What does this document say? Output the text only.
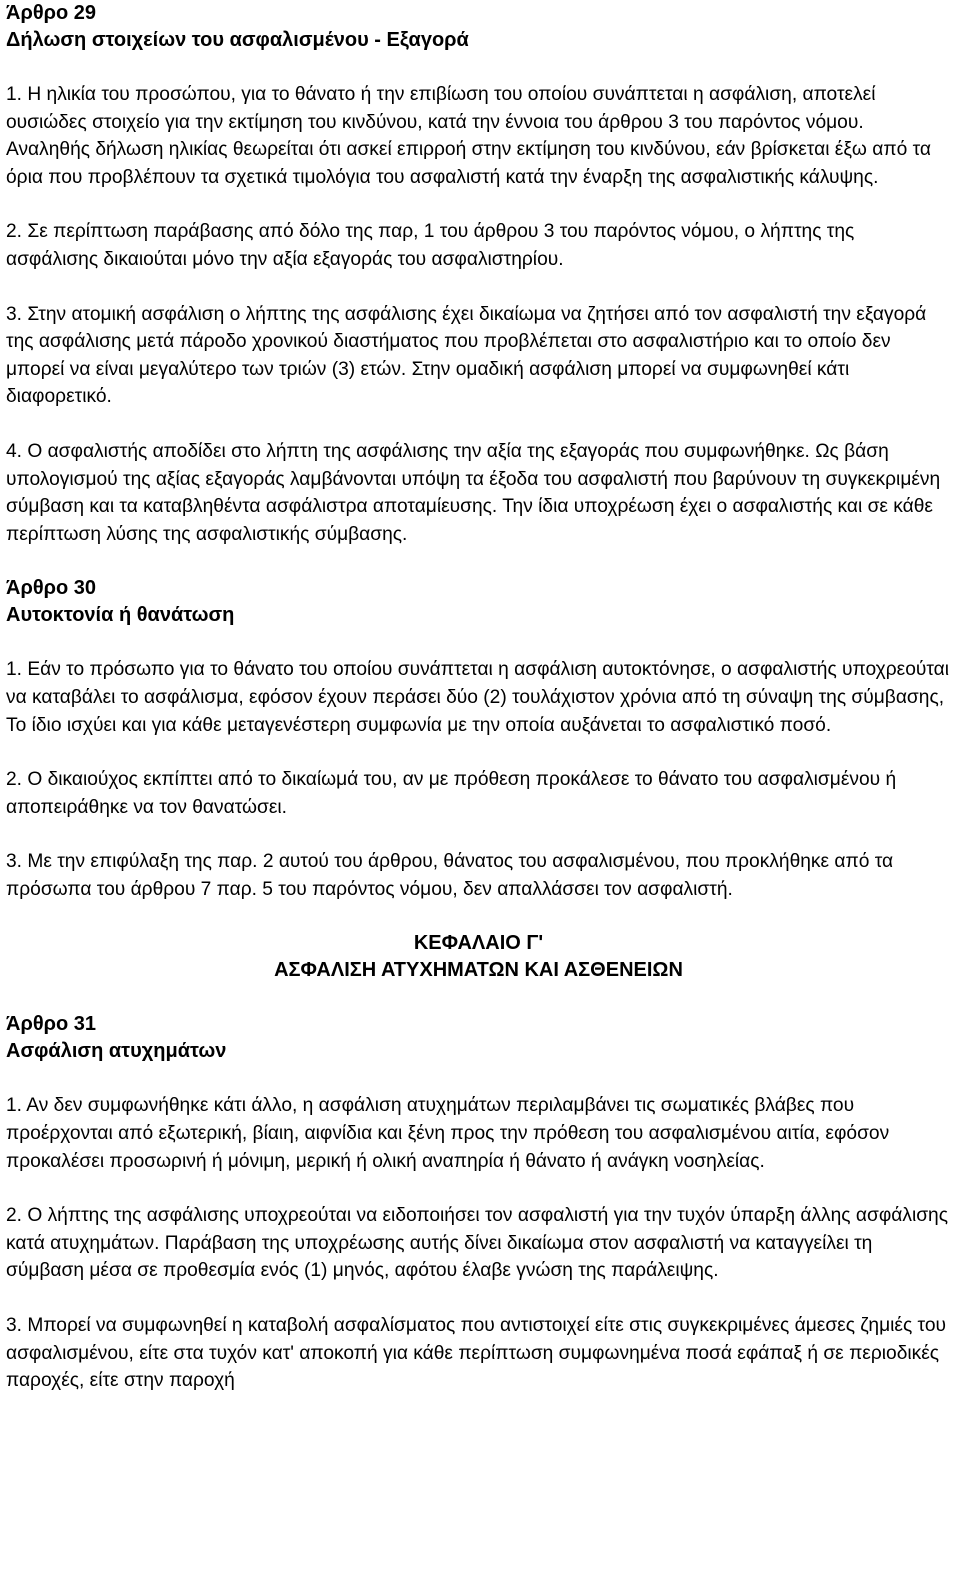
Άρθρο 29
Δήλωση στοιχείων του ασφαλισμένου - Εξαγορά

1. Η ηλικία του προσώπου, για το θάνατο ή την επιβίωση του οποίου συνάπτεται η ασφάλιση, αποτελεί ουσιώδες στοιχείο για την εκτίμηση του κινδύνου, κατά την έννοια του άρθρου 3 του παρόντος νόμου. Αναληθής δήλωση ηλικίας θεωρείται ότι ασκεί επιρροή στην εκτίμηση του κινδύνου, εάν βρίσκεται έξω από τα όρια που προβλέπουν τα σχετικά τιμολόγια του ασφαλιστή κατά την έναρξη της ασφαλιστικής κάλυψης.

2. Σε περίπτωση παράβασης από δόλο της παρ, 1 του άρθρου 3 του παρόντος νόμου, ο λήπτης της ασφάλισης δικαιούται μόνο την αξία εξαγοράς του ασφαλιστηρίου.

3. Στην ατομική ασφάλιση ο λήπτης της ασφάλισης έχει δικαίωμα να ζητήσει από τον ασφαλιστή την εξαγορά της ασφάλισης μετά πάροδο χρονικού διαστήματος που προβλέπεται στο ασφαλιστήριο και το οποίο δεν μπορεί να είναι μεγαλύτερο των τριών (3) ετών. Στην ομαδική ασφάλιση μπορεί να συμφωνηθεί κάτι διαφορετικό.

4. Ο ασφαλιστής αποδίδει στο λήπτη της ασφάλισης την αξία της εξαγοράς που συμφωνήθηκε. Ως βάση υπολογισμού της αξίας εξαγοράς λαμβάνονται υπόψη τα έξοδα του ασφαλιστή που βαρύνουν τη συγκεκριμένη σύμβαση και τα καταβληθέντα ασφάλιστρα αποταμίευσης. Την ίδια υποχρέωση έχει ο ασφαλιστής και σε κάθε περίπτωση λύσης της ασφαλιστικής σύμβασης.

Άρθρο 30
Αυτοκτονία ή θανάτωση

1. Εάν το πρόσωπο για το θάνατο του οποίου συνάπτεται η ασφάλιση αυτοκτόνησε, ο ασφαλιστής υποχρεούται να καταβάλει το ασφάλισμα, εφόσον έχουν περάσει δύο (2) τουλάχιστον χρόνια από τη σύναψη της σύμβασης, Το ίδιο ισχύει και για κάθε μεταγενέστερη συμφωνία με την οποία αυξάνεται το ασφαλιστικό ποσό.

2. Ο δικαιούχος εκπίπτει από το δικαίωμά του, αν με πρόθεση προκάλεσε το θάνατο του ασφαλισμένου ή αποπειράθηκε να τον θανατώσει.

3. Με την επιφύλαξη της παρ. 2 αυτού του άρθρου, θάνατος του ασφαλισμένου, που προκλήθηκε από τα πρόσωπα του άρθρου 7 παρ. 5 του παρόντος νόμου, δεν απαλλάσσει τον ασφαλιστή.

ΚΕΦΑΛΑΙΟ Γ'
ΑΣΦΑΛΙΣΗ ΑΤΥΧΗΜΑΤΩΝ ΚΑΙ ΑΣΘΕΝΕΙΩΝ
Άρθρο 31
Ασφάλιση ατυχημάτων

1. Αν δεν συμφωνήθηκε κάτι άλλο, η ασφάλιση ατυχημάτων περιλαμβάνει τις σωματικές βλάβες που προέρχονται από εξωτερική, βίαιη, αιφνίδια και ξένη προς την πρόθεση του ασφαλισμένου αιτία, εφόσον προκαλέσει προσωρινή ή μόνιμη, μερική ή ολική αναπηρία ή θάνατο ή ανάγκη νοσηλείας.

2. Ο λήπτης της ασφάλισης υποχρεούται να ειδοποιήσει τον ασφαλιστή για την τυχόν ύπαρξη άλλης ασφάλισης κατά ατυχημάτων. Παράβαση της υποχρέωσης αυτής δίνει δικαίωμα στον ασφαλιστή να καταγγείλει τη σύμβαση μέσα σε προθεσμία ενός (1) μηνός, αφότου έλαβε γνώση της παράλειψης.

3. Μπορεί να συμφωνηθεί η καταβολή ασφαλίσματος που αντιστοιχεί είτε στις συγκεκριμένες άμεσες ζημιές του ασφαλισμένου, είτε στα τυχόν κατ' αποκοπή για κάθε περίπτωση συμφωνημένα ποσά εφάπαξ ή σε περιοδικές παροχές, είτε στην παροχή
